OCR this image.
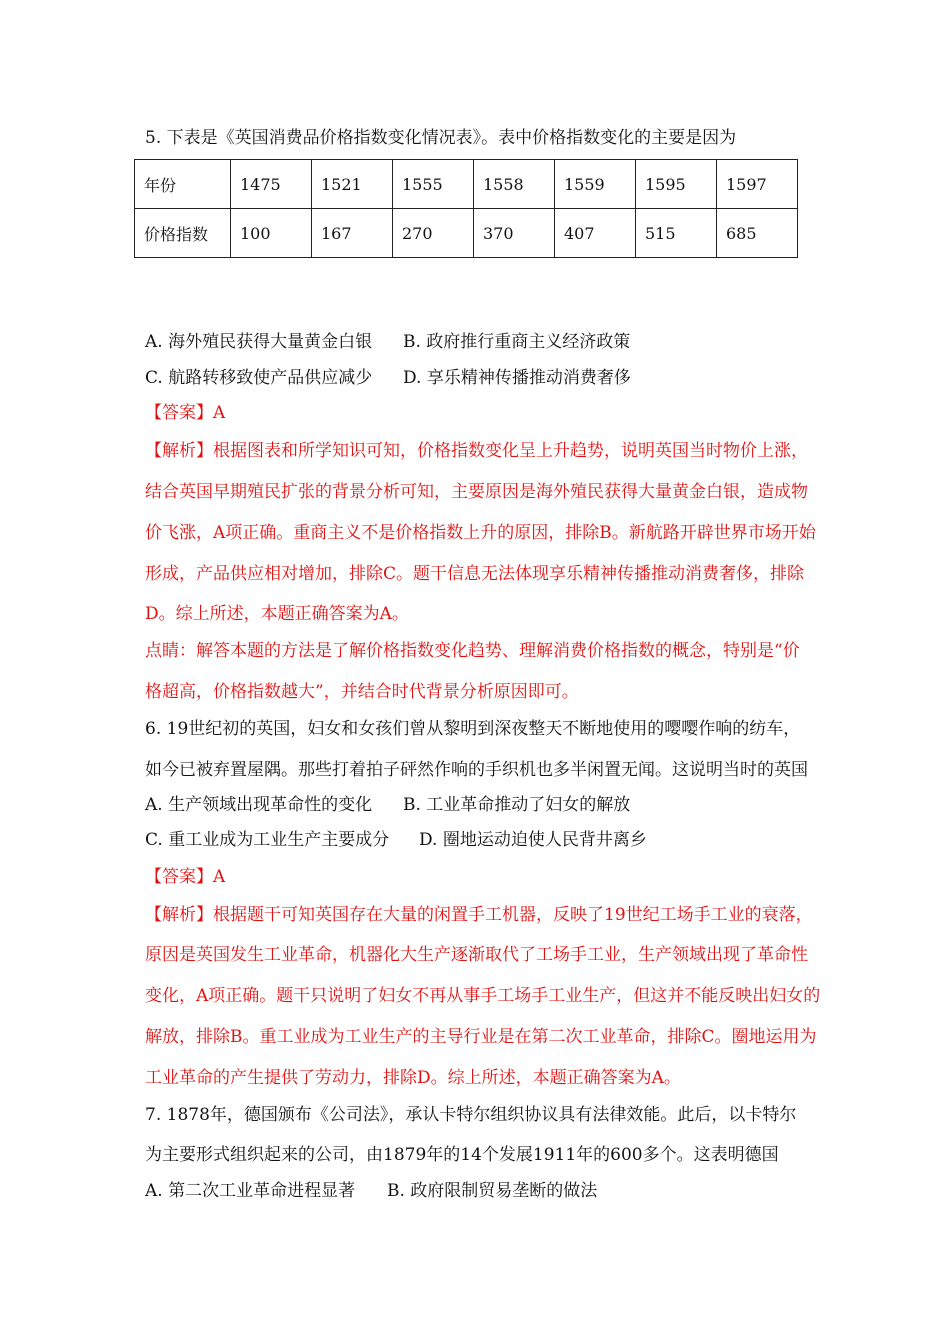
5. 下表是《英国消费品价格指数变化情况表》。表中价格指数变化的主要是因为
年份	1475	1521	1555	1558	1559	1595	1597
价格指数	100	167	270	370	407	515	685
A. 海外殖民获得大量黄金白银 B. 政府推行重商主义经济政策
C. 航路转移致使产品供应减少 D. 享乐精神传播推动消费奢侈
【答案】A
【解析】根据图表和所学知识可知，价格指数变化呈上升趋势，说明英国当时物价上涨，
结合英国早期殖民扩张的背景分析可知，主要原因是海外殖民获得大量黄金白银，造成物
价飞涨，A项正确。重商主义不是价格指数上升的原因，排除B。新航路开辟世界市场开始
形成，产品供应相对增加，排除C。题干信息无法体现享乐精神传播推动消费奢侈，排除
D。综上所述，本题正确答案为A。
点睛：解答本题的方法是了解价格指数变化趋势、理解消费价格指数的概念，特别是“价
格超高，价格指数越大”，并结合时代背景分析原因即可。
6. 19世纪初的英国，妇女和女孩们曾从黎明到深夜整天不断地使用的嘤嘤作响的纺车，
如今已被弃置屋隅。那些打着拍子砰然作响的手织机也多半闲置无闻。这说明当时的英国
A. 生产领域出现革命性的变化 B. 工业革命推动了妇女的解放
C. 重工业成为工业生产主要成分 D. 圈地运动迫使人民背井离乡
【答案】A
【解析】根据题干可知英国存在大量的闲置手工机器，反映了19世纪工场手工业的衰落，
原因是英国发生工业革命，机器化大生产逐渐取代了工场手工业，生产领域出现了革命性
变化，A项正确。题干只说明了妇女不再从事手工场手工业生产，但这并不能反映出妇女的
解放，排除B。重工业成为工业生产的主导行业是在第二次工业革命，排除C。圈地运用为
工业革命的产生提供了劳动力，排除D。综上所述，本题正确答案为A。
7. 1878年，德国颁布《公司法》，承认卡特尔组织协议具有法律效能。此后，以卡特尔
为主要形式组织起来的公司，由1879年的14个发展1911年的600多个。这表明德国
A. 第二次工业革命进程显著 B. 政府限制贸易垄断的做法
